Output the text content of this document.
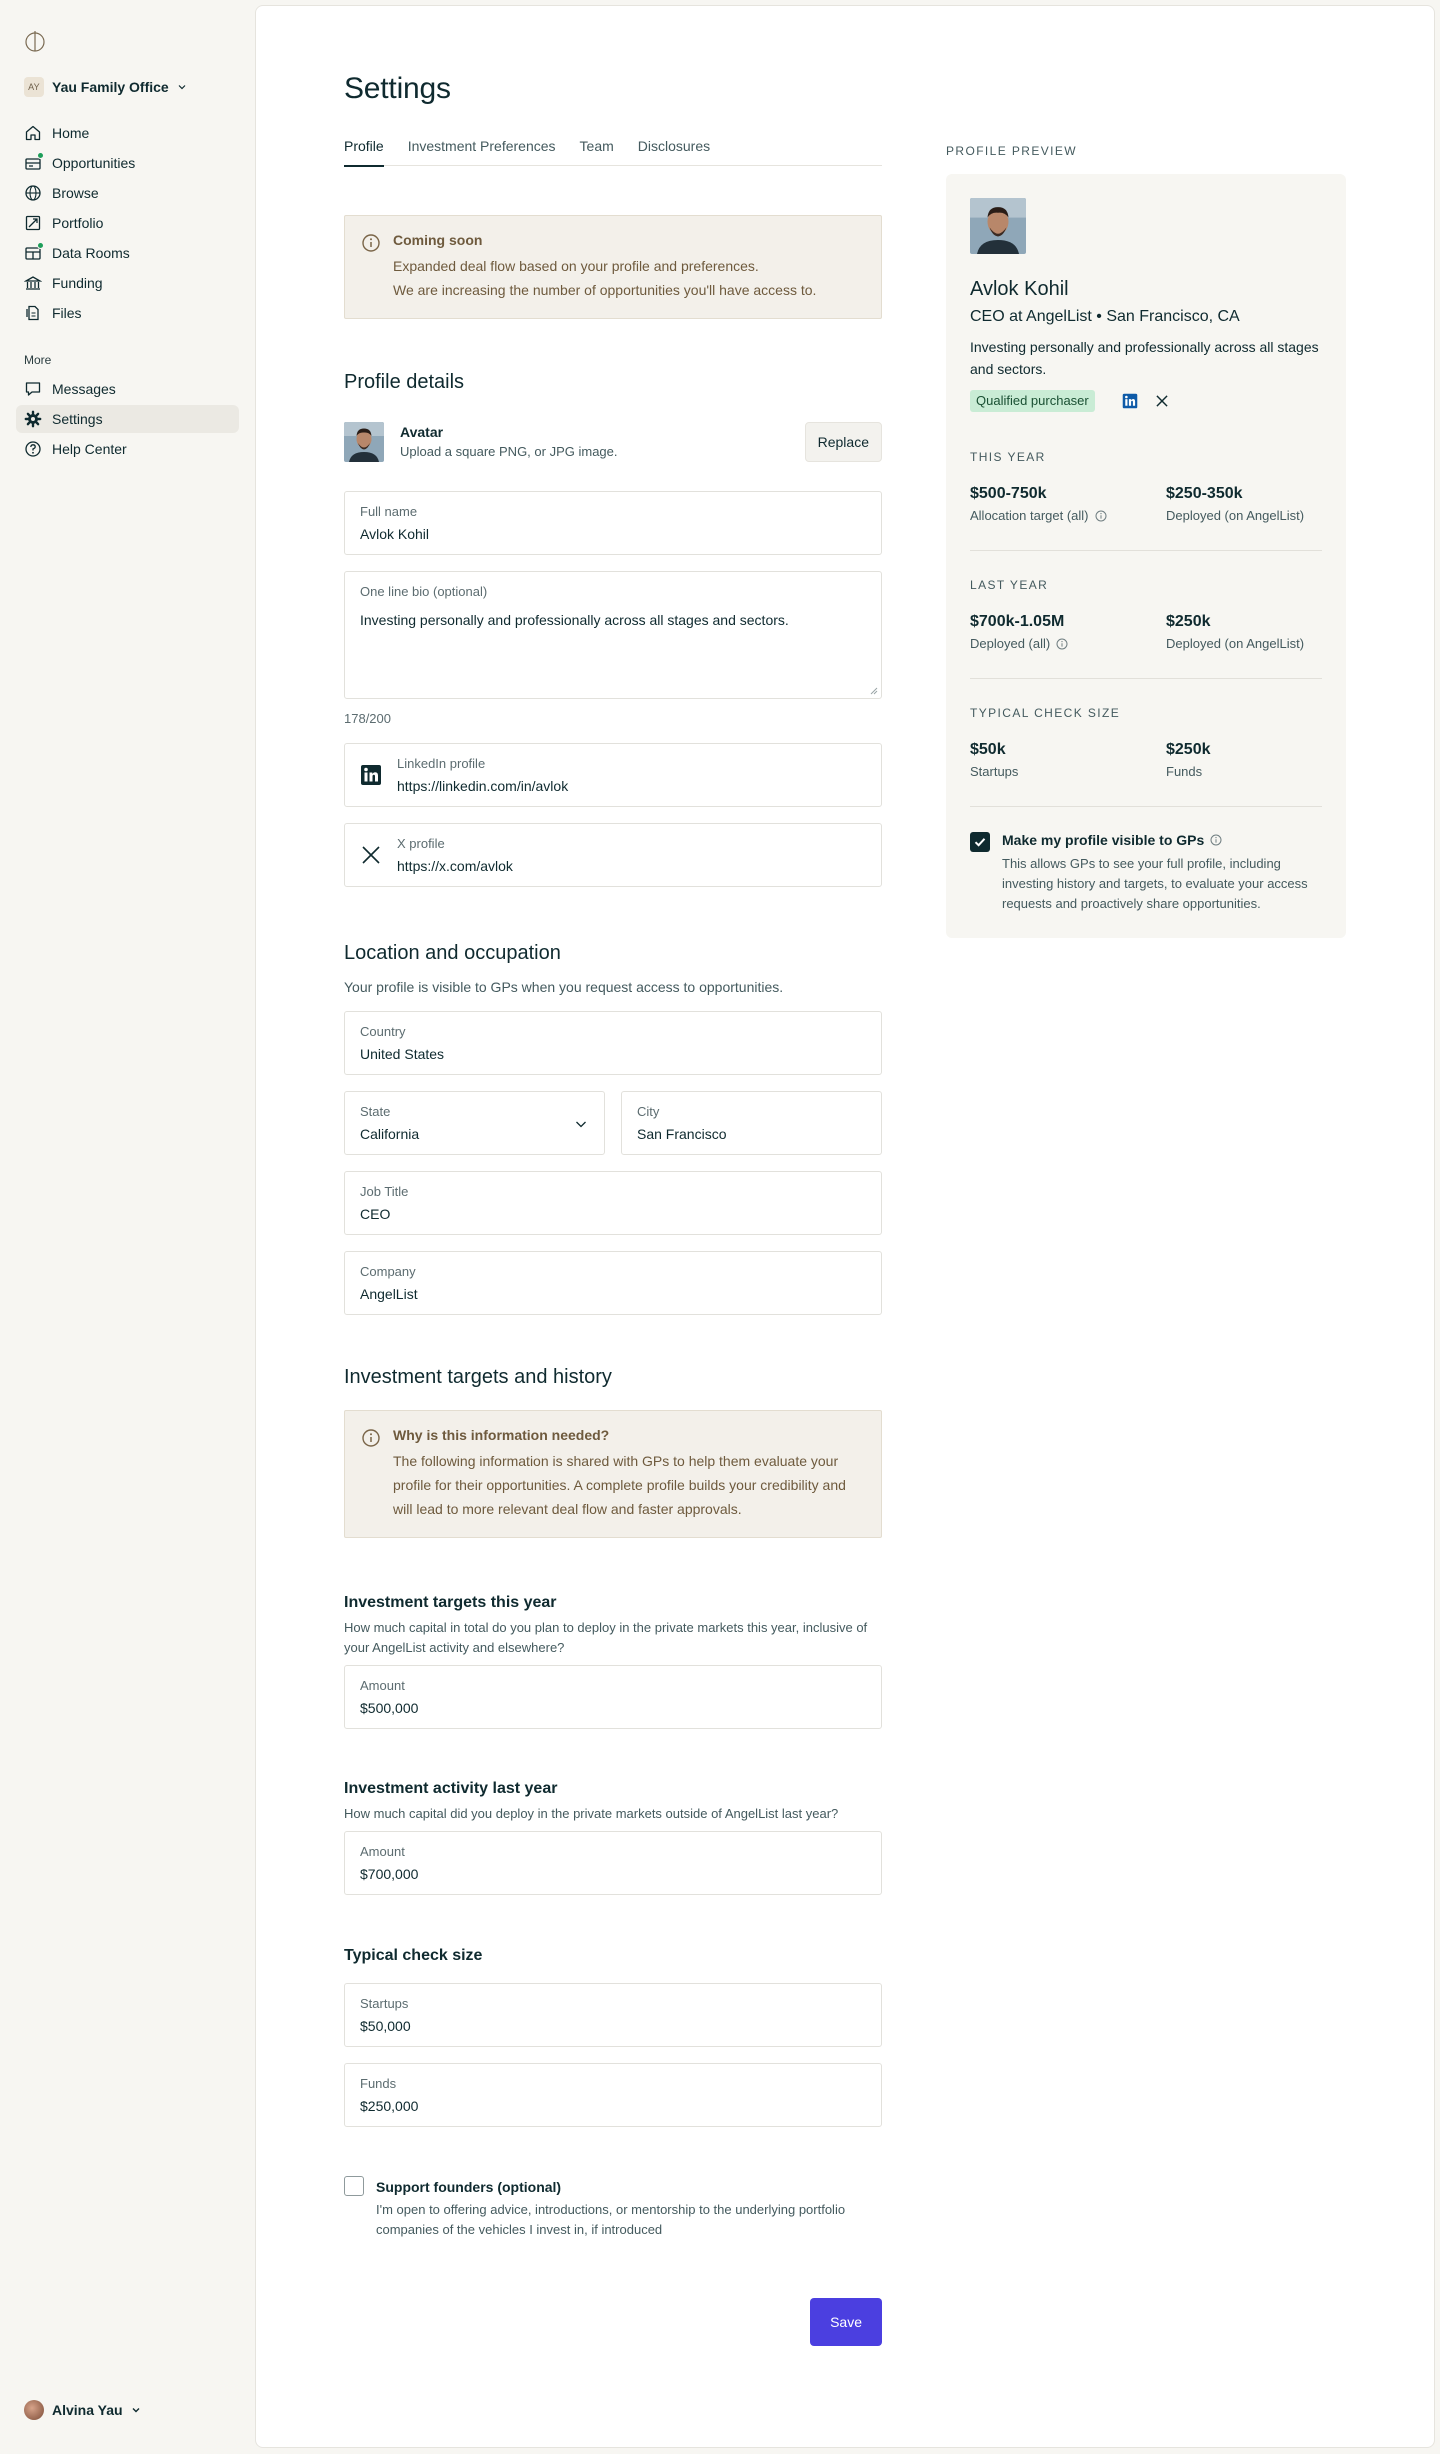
AY Yau Family Office
Home
Opportunities
Browse
Portfolio
Data Rooms
Funding
Files
More
Messages
Settings
Help Center
Alvina Yau
Settings
Profile Investment Preferences Team Disclosures
Coming soon
Expanded deal flow based on your profile and preferences.
We are increasing the number of opportunities you'll have access to.
Profile details
Avatar
Upload a square PNG, or JPG image.
Replace
Full name
Avlok Kohil
One line bio (optional)
Investing personally and professionally across all stages and sectors.
178/200
LinkedIn profile
https://linkedin.com/in/avlok
X profile
https://x.com/avlok
Location and occupation

Your profile is visible to GPs when you request access to opportunities.

Country
United States
State
California
City
San Francisco
Job Title
CEO
Company
AngelList
Investment targets and history
Why is this information needed?
The following information is shared with GPs to help them evaluate your profile for their opportunities. A complete profile builds your credibility and will lead to more relevant deal flow and faster approvals.
Investment targets this year

How much capital in total do you plan to deploy in the private markets this year, inclusive of your AngelList activity and elsewhere?

Amount
$500,000
Investment activity last year

How much capital did you deploy in the private markets outside of AngelList last year?

Amount
$700,000
Typical check size
Startups
$50,000
Funds
$250,000
Support founders (optional)

I'm open to offering advice, introductions, or mentorship to the underlying portfolio companies of the vehicles I invest in, if introduced

Save
PROFILE PREVIEW
Avlok Kohil
CEO at AngelList • San Francisco, CA
Investing personally and professionally across all stages and sectors.
Qualified purchaser
THIS YEAR
$500-750k
Allocation target (all)
$250-350k
Deployed (on AngelList)
LAST YEAR
$700k-1.05M
Deployed (all)
$250k
Deployed (on AngelList)
TYPICAL CHECK SIZE
$50k
Startups
$250k
Funds
Make my profile visible to GPs
This allows GPs to see your full profile, including investing history and targets, to evaluate your access requests and proactively share opportunities.
